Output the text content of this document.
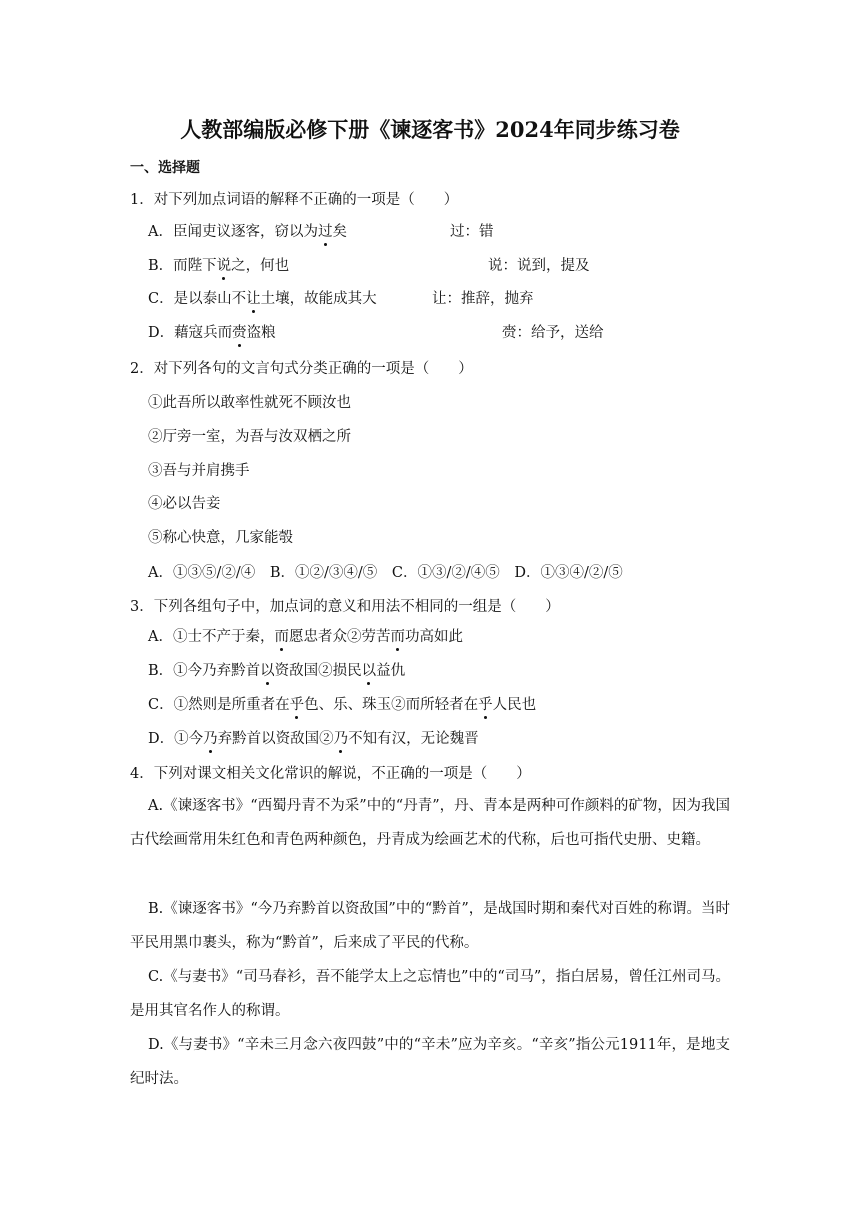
人教部编版必修下册《谏逐客书》2024年同步练习卷
一、选择题
1．对下列加点词语的解释不正确的一项是（　　）
A．臣闻吏议逐客，窃以为过矣	过：错
B．而陛下说之，何也	说：说到，提及
C．是以泰山不让土壤，故能成其大	让：推辞，抛弃
D．藉寇兵而赍盗粮	赍：给予，送给
2．对下列各句的文言句式分类正确的一项是（　　）
①此吾所以敢率性就死不顾汝也
②厅旁一室，为吾与汝双栖之所
③吾与并肩携手
④必以告妾
⑤称心快意，几家能彀
A．①③⑤/②/④ B．①②/③④/⑤ C．①③/②/④⑤ D．①③④/②/⑤
3．下列各组句子中，加点词的意义和用法不相同的一组是（　　）
A．①士不产于秦，而愿忠者众②劳苦而功高如此
B．①今乃弃黔首以资敌国②损民以益仇
C．①然则是所重者在乎色、乐、珠玉②而所轻者在乎人民也
D．①今乃弃黔首以资敌国②乃不知有汉，无论魏晋
4．下列对课文相关文化常识的解说，不正确的一项是（　　）
A.《谏逐客书》“西蜀丹青不为采”中的“丹青”，丹、青本是两种可作颜料的矿物，因为我国古代绘画常用朱红色和青色两种颜色，丹青成为绘画艺术的代称，后也可指代史册、史籍。
B.《谏逐客书》“今乃弃黔首以资敌国”中的“黔首”，是战国时期和秦代对百姓的称谓。当时平民用黑巾裹头，称为“黔首”，后来成了平民的代称。
C.《与妻书》“司马春衫，吾不能学太上之忘情也”中的“司马”，指白居易，曾任江州司马。是用其官名作人的称谓。
D.《与妻书》“辛未三月念六夜四鼓”中的“辛未”应为辛亥。“辛亥”指公元1911年，是地支纪时法。
